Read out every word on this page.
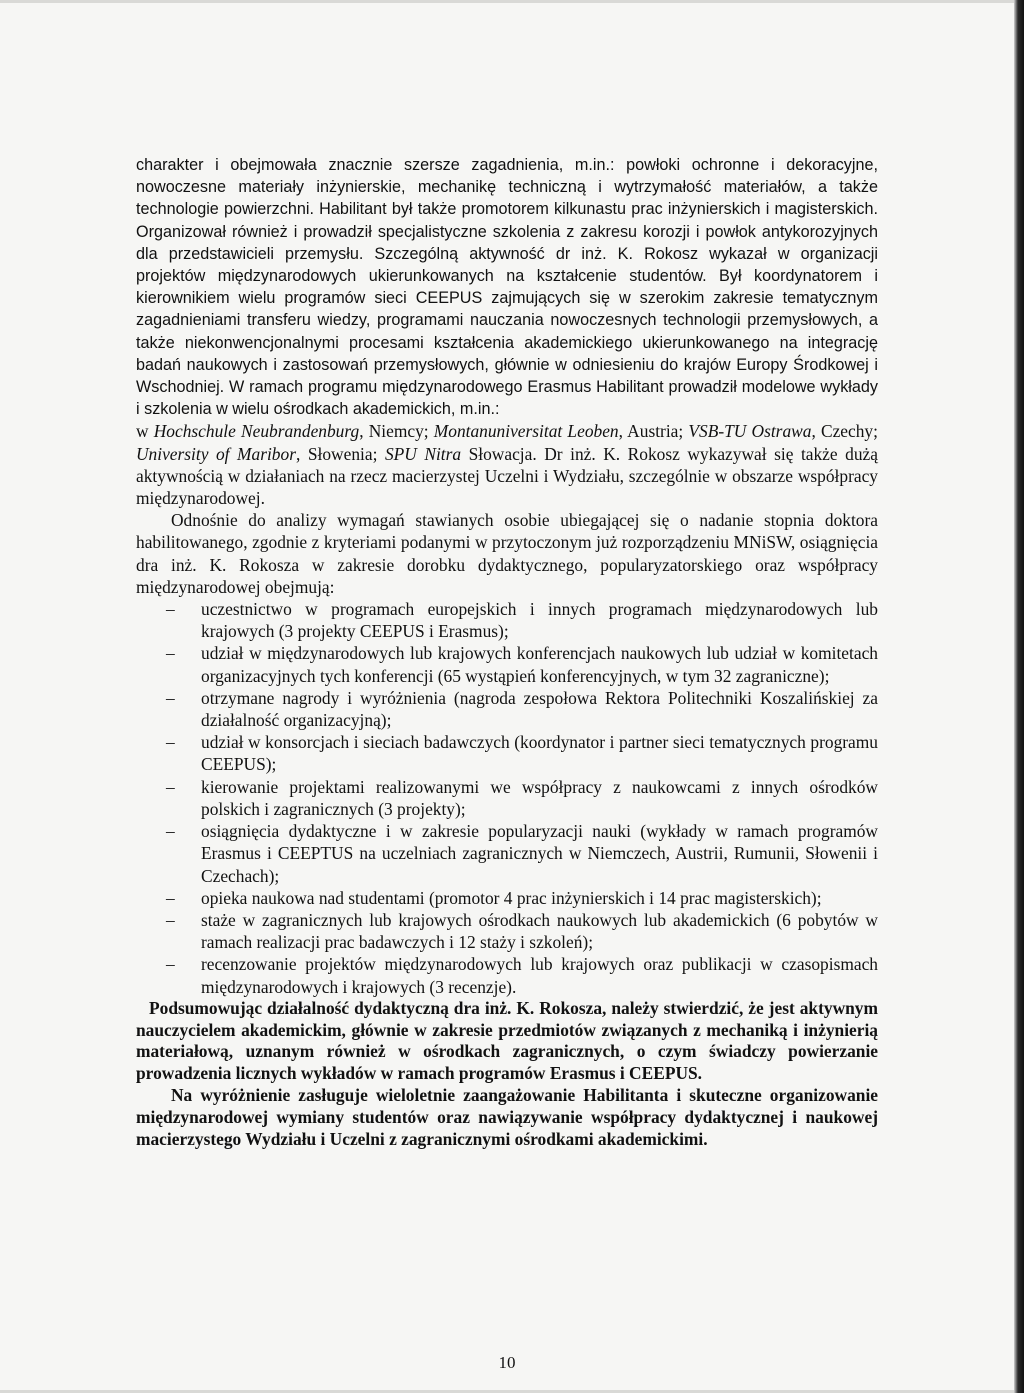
charakter i obejmowała znacznie szersze zagadnienia, m.in.: powłoki ochronne i dekoracyjne, nowoczesne materiały inżynierskie, mechanikę techniczną i wytrzymałość materiałów, a także technologie powierzchni. Habilitant był także promotorem kilkunastu prac inżynierskich i magisterskich. Organizował również i prowadził specjalistyczne szkolenia z zakresu korozji i powłok antykorozyjnych dla przedstawicieli przemysłu. Szczególną aktywność dr inż. K. Rokosz wykazał w organizacji projektów międzynarodowych ukierunkowanych na kształcenie studentów. Był koordynatorem i kierownikiem wielu programów sieci CEEPUS zajmujących się w szerokim zakresie tematycznym zagadnieniami transferu wiedzy, programami nauczania nowoczesnych technologii przemysłowych, a także niekonwencjonalnymi procesami kształcenia akademickiego ukierunkowanego na integrację badań naukowych i zastosowań przemysłowych, głównie w odniesieniu do krajów Europy Środkowej i Wschodniej. W ramach programu międzynarodowego Erasmus Habilitant prowadził modelowe wykłady i szkolenia w wielu ośrodkach akademickich, m.in.:

w Hochschule Neubrandenburg, Niemcy; Montanuniversitat Leoben, Austria; VSB-TU Ostrawa, Czechy; University of Maribor, Słowenia; SPU Nitra Słowacja. Dr inż. K. Rokosz wykazywał się także dużą aktywnością w działaniach na rzecz macierzystej Uczelni i Wydziału, szczególnie w obszarze współpracy międzynarodowej.

Odnośnie do analizy wymagań stawianych osobie ubiegającej się o nadanie stopnia doktora habilitowanego, zgodnie z kryteriami podanymi w przytoczonym już rozporządzeniu MNiSW, osiągnięcia dra inż. K. Rokosza w zakresie dorobku dydaktycznego, popularyzatorskiego oraz współpracy międzynarodowej obejmują:

– uczestnictwo w programach europejskich i innych programach międzynarodowych lub krajowych (3 projekty CEEPUS i Erasmus);
– udział w międzynarodowych lub krajowych konferencjach naukowych lub udział w komitetach organizacyjnych tych konferencji (65 wystąpień konferencyjnych, w tym 32 zagraniczne);
– otrzymane nagrody i wyróżnienia (nagroda zespołowa Rektora Politechniki Koszalińskiej za działalność organizacyjną);
– udział w konsorcjach i sieciach badawczych (koordynator i partner sieci tematycznych programu CEEPUS);
– kierowanie projektami realizowanymi we współpracy z naukowcami z innych ośrodków polskich i zagranicznych (3 projekty);
– osiągnięcia dydaktyczne i w zakresie popularyzacji nauki (wykłady w ramach programów Erasmus i CEEPTUS na uczelniach zagranicznych w Niemczech, Austrii, Rumunii, Słowenii i Czechach);
– opieka naukowa nad studentami (promotor 4 prac inżynierskich i 14 prac magisterskich);
– staże w zagranicznych lub krajowych ośrodkach naukowych lub akademickich (6 pobytów w ramach realizacji prac badawczych i 12 staży i szkoleń);
– recenzowanie projektów międzynarodowych lub krajowych oraz publikacji w czasopismach międzynarodowych i krajowych (3 recenzje).

Podsumowując działalność dydaktyczną dra inż. K. Rokosza, należy stwierdzić, że jest aktywnym nauczycielem akademickim, głównie w zakresie przedmiotów związanych z mechaniką i inżynierią materiałową, uznanym również w ośrodkach zagranicznych, o czym świadczy powierzanie prowadzenia licznych wykładów w ramach programów Erasmus i CEEPUS.

Na wyróżnienie zasługuje wieloletnie zaangażowanie Habilitanta i skuteczne organizowanie międzynarodowej wymiany studentów oraz nawiązywanie współpracy dydaktycznej i naukowej macierzystego Wydziału i Uczelni z zagranicznymi ośrodkami akademickimi.

10
